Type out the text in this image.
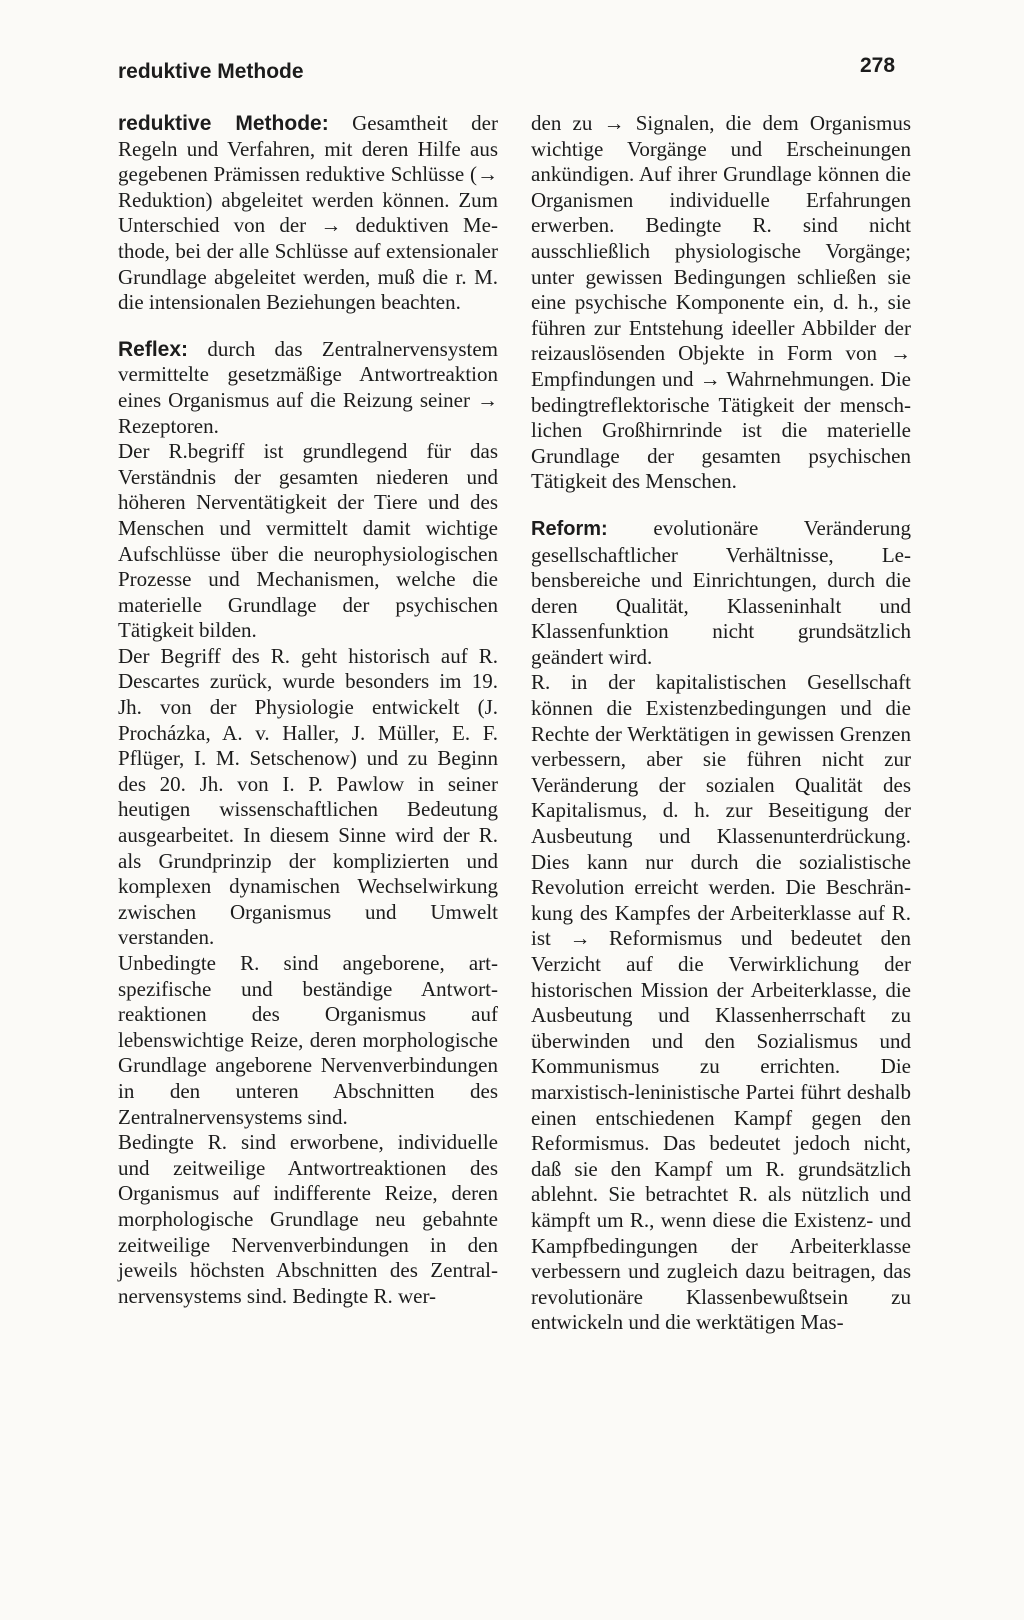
reduktive Methode	278

reduktive Methode: Gesamtheit der Regeln und Verfahren, mit deren Hilfe aus gegebenen Prämissen reduktive Schlüsse (→ Reduktion) abgeleitet werden können. Zum Unterschied von der → deduktiven Methode, bei der alle Schlüsse auf extensionaler Grundlage abgeleitet werden, muß die r. M. die intensionalen Beziehungen beachten.

Reflex: durch das Zentralnervensystem vermittelte gesetzmäßige Antwortreaktion eines Organismus auf die Reizung seiner → Rezeptoren.

Der R.begriff ist grundlegend für das Verständnis der gesamten niederen und höheren Nerventätigkeit der Tiere und des Menschen und vermittelt damit wichtige Aufschlüsse über die neurophysiologischen Prozesse und Mechanismen, welche die materielle Grundlage der psychischen Tätigkeit bilden.

Der Begriff des R. geht historisch auf R. Descartes zurück, wurde besonders im 19. Jh. von der Physiologie entwickelt (J. Procházka, A. v. Haller, J. Müller, E. F. Pflüger, I. M. Setschenow) und zu Beginn des 20. Jh. von I. P. Pawlow in seiner heutigen wissenschaftlichen Bedeutung ausgearbeitet. In diesem Sinne wird der R. als Grundprinzip der komplizierten und komplexen dynamischen Wechselwirkung zwischen Organismus und Umwelt verstanden.

Unbedingte R. sind angeborene, artspezifische und beständige Antwortreaktionen des Organismus auf lebenswichtige Reize, deren morphologische Grundlage angeborene Nervenverbindungen in den unteren Abschnitten des Zentralnervensystems sind.

Bedingte R. sind erworbene, individuelle und zeitweilige Antwortreaktionen des Organismus auf indifferente Reize, deren morphologische Grundlage neu gebahnte zeitweilige Nervenverbindungen in den jeweils höchsten Abschnitten des Zentralnervensystems sind. Bedingte R. wer-

den zu → Signalen, die dem Organismus wichtige Vorgänge und Erscheinungen ankündigen. Auf ihrer Grundlage können die Organismen individuelle Erfahrungen erwerben. Bedingte R. sind nicht ausschließlich physiologische Vorgänge; unter gewissen Bedingungen schließen sie eine psychische Komponente ein, d. h., sie führen zur Entstehung ideeller Abbilder der reizauslösenden Objekte in Form von → Empfindungen und → Wahrnehmungen. Die bedingtreflektorische Tätigkeit der menschlichen Großhirnrinde ist die materielle Grundlage der gesamten psychischen Tätigkeit des Menschen.

Reform: evolutionäre Veränderung gesellschaftlicher Verhältnisse, Lebensbereiche und Einrichtungen, durch die deren Qualität, Klasseninhalt und Klassenfunktion nicht grundsätzlich geändert wird.

R. in der kapitalistischen Gesellschaft können die Existenzbedingungen und die Rechte der Werktätigen in gewissen Grenzen verbessern, aber sie führen nicht zur Veränderung der sozialen Qualität des Kapitalismus, d. h. zur Beseitigung der Ausbeutung und Klassenunterdrückung. Dies kann nur durch die sozialistische Revolution erreicht werden. Die Beschränkung des Kampfes der Arbeiterklasse auf R. ist → Reformismus und bedeutet den Verzicht auf die Verwirklichung der historischen Mission der Arbeiterklasse, die Ausbeutung und Klassenherrschaft zu überwinden und den Sozialismus und Kommunismus zu errichten. Die marxistisch-leninistische Partei führt deshalb einen entschiedenen Kampf gegen den Reformismus. Das bedeutet jedoch nicht, daß sie den Kampf um R. grundsätzlich ablehnt. Sie betrachtet R. als nützlich und kämpft um R., wenn diese die Existenz- und Kampfbedingungen der Arbeiterklasse verbessern und zugleich dazu beitragen, das revolutionäre Klassenbewußtsein zu entwickeln und die werktätigen Mas-
